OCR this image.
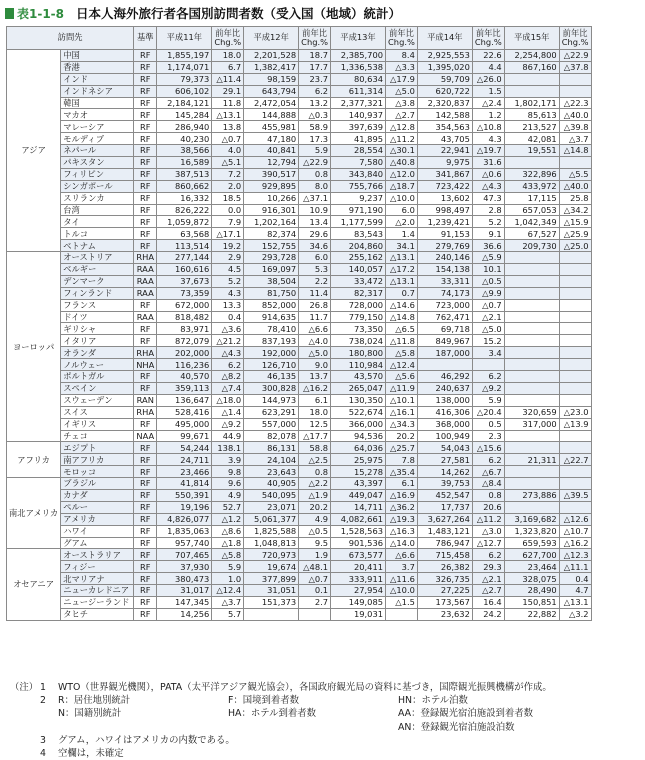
表1-1-8 日本人海外旅行者各国別訪問者数（受入国（地域）統計）
訪問先		基準	平成11年	前年比 Chg.%	平成12年	前年比 Chg.%	平成13年	前年比 Chg.%	平成14年	前年比 Chg.%	平成15年	前年比 Chg.%
アジア	中国	RF	1,855,197	18.0	2,201,528	18.7	2,385,700	8.4	2,925,553	22.6	2,254,800	△22.9
	香港	RF	1,174,071	6.7	1,382,417	17.7	1,336,538	△3.3	1,395,020	4.4	867,160	△37.8
	インド	RF	79,373	△11.4	98,159	23.7	80,634	△17.9	59,709	△26.0		
	インドネシア	RF	606,102	29.1	643,794	6.2	611,314	△5.0	620,722	1.5		
	韓国	RF	2,184,121	11.8	2,472,054	13.2	2,377,321	△3.8	2,320,837	△2.4	1,802,171	△22.3
	マカオ	RF	145,284	△13.1	144,888	△0.3	140,937	△2.7	142,588	1.2	85,613	△40.0
	マレーシア	RF	286,940	13.8	455,981	58.9	397,639	△12.8	354,563	△10.8	213,527	△39.8
	モルディブ	RF	40,230	△0.7	47,180	17.3	41,895	△11.2	43,705	4.3	42,081	△3.7
	ネパール	RF	38,566	4.0	40,841	5.9	28,554	△30.1	22,941	△19.7	19,551	△14.8
	パキスタン	RF	16,589	△5.1	12,794	△22.9	7,580	△40.8	9,975	31.6		
	フィリピン	RF	387,513	7.2	390,517	0.8	343,840	△12.0	341,867	△0.6	322,896	△5.5
	シンガポール	RF	860,662	2.0	929,895	8.0	755,766	△18.7	723,422	△4.3	433,972	△40.0
	スリランカ	RF	16,332	18.5	10,266	△37.1	9,237	△10.0	13,602	47.3	17,115	25.8
	台湾	RF	826,222	0.0	916,301	10.9	971,190	6.0	998,497	2.8	657,053	△34.2
	タイ	RF	1,059,872	7.9	1,202,164	13.4	1,177,599	△2.0	1,239,421	5.2	1,042,349	△15.9
	トルコ	RF	63,568	△17.1	82,374	29.6	83,543	1.4	91,153	9.1	67,527	△25.9
	ベトナム	RF	113,514	19.2	152,755	34.6	204,860	34.1	279,769	36.6	209,730	△25.0
ヨーロッパ	オーストリア	RHA	277,144	2.9	293,728	6.0	255,162	△13.1	240,146	△5.9		
	ベルギー	RAA	160,616	4.5	169,097	5.3	140,057	△17.2	154,138	10.1		
	デンマーク	RAA	37,673	5.2	38,504	2.2	33,472	△13.1	33,311	△0.5		
	フィンランド	RAA	73,359	4.3	81,750	11.4	82,317	0.7	74,173	△9.9		
	フランス	RF	672,000	13.3	852,000	26.8	728,000	△14.6	723,000	△0.7		
	ドイツ	RAA	818,482	0.4	914,635	11.7	779,150	△14.8	762,471	△2.1		
	ギリシャ	RF	83,971	△3.6	78,410	△6.6	73,350	△6.5	69,718	△5.0		
	イタリア	RF	872,079	△21.2	837,193	△4.0	738,024	△11.8	849,967	15.2		
	オランダ	RHA	202,000	△4.3	192,000	△5.0	180,800	△5.8	187,000	3.4		
	ノルウェー	NHA	116,236	6.2	126,710	9.0	110,984	△12.4				
	ポルトガル	RF	40,570	△8.2	46,135	13.7	43,570	△5.6	46,292	6.2		
	スペイン	RF	359,113	△7.4	300,828	△16.2	265,047	△11.9	240,637	△9.2		
	スウェーデン	RAN	136,647	△18.0	144,973	6.1	130,350	△10.1	138,000	5.9		
	スイス	RHA	528,416	△1.4	623,291	18.0	522,674	△16.1	416,306	△20.4	320,659	△23.0
	イギリス	RF	495,000	△9.2	557,000	12.5	366,000	△34.3	368,000	0.5	317,000	△13.9
	チェコ	NAA	99,671	44.9	82,078	△17.7	94,536	20.2	100,949	2.3		
アフリカ	エジプト	RF	54,244	138.1	86,131	58.8	64,036	△25.7	54,043	△15.6		
	南アフリカ	RF	24,711	3.9	24,104	△2.5	25,975	7.8	27,581	6.2	21,311	△22.7
	モロッコ	RF	23,466	9.8	23,643	0.8	15,278	△35.4	14,262	△6.7		
南北アメリカ	ブラジル	RF	41,814	9.6	40,905	△2.2	43,397	6.1	39,753	△8.4		
	カナダ	RF	550,391	4.9	540,095	△1.9	449,047	△16.9	452,547	0.8	273,886	△39.5
	ペルー	RF	19,196	52.7	23,071	20.2	14,711	△36.2	17,737	20.6		
	アメリカ	RF	4,826,077	△1.2	5,061,377	4.9	4,082,661	△19.3	3,627,264	△11.2	3,169,682	△12.6
	ハワイ	RF	1,835,063	△8.6	1,825,588	△0.5	1,528,563	△16.3	1,483,121	△3.0	1,323,820	△10.7
	グアム	RF	957,740	△1.8	1,048,813	9.5	901,536	△14.0	786,947	△12.7	659,593	△16.2
オセアニア	オーストラリア	RF	707,465	△5.8	720,973	1.9	673,577	△6.6	715,458	6.2	627,700	△12.3
	フィジー	RF	37,930	5.9	19,674	△48.1	20,411	3.7	26,382	29.3	23,464	△11.1
	北マリアナ	RF	380,473	1.0	377,899	△0.7	333,911	△11.6	326,735	△2.1	328,075	0.4
	ニューカレドニア	RF	31,017	△12.4	31,051	0.1	27,954	△10.0	27,225	△2.7	28,490	4.7
	ニュージーランド	RF	147,345	△3.7	151,373	2.7	149,085	△1.5	173,567	16.4	150,851	△13.1
	タヒチ	RF	14,256	5.7			19,031		23,632	24.2	22,882	△3.2
（注） 1	WTO（世界観光機関），PATA（太平洋アジア観光協会），各国政府観光局の資料に基づき，国際観光振興機構が作成。
2	R：居住地別統計	F：国境到着者数	HN：ホテル泊数
N：国籍別統計	HA：ホテル到着者数	AA：登録観光宿泊施設到着者数
AN：登録観光宿泊施設泊数
3	グアム，ハワイはアメリカの内数である。
4	空欄は，未確定
